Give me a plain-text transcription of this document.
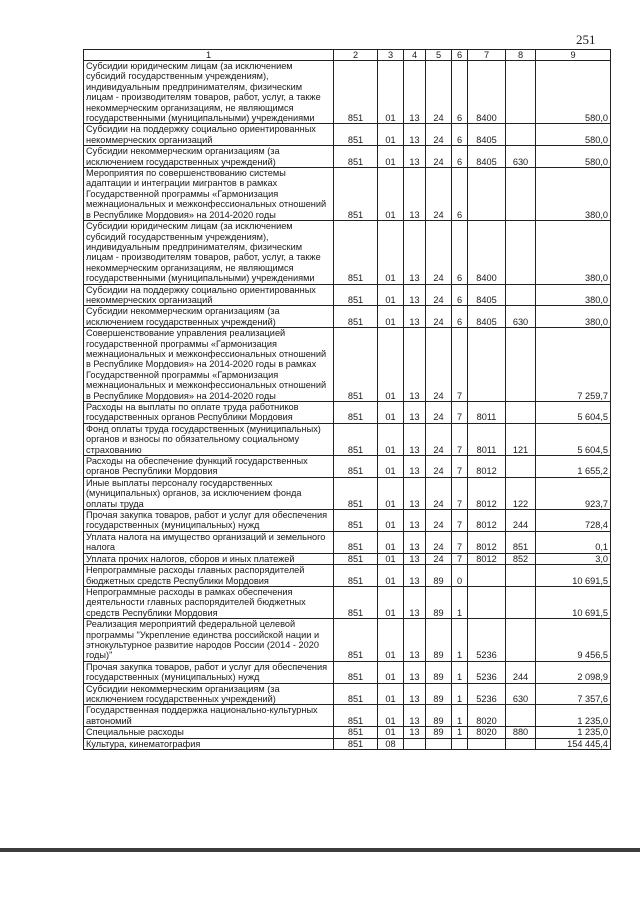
251
1	2	3	4	5	6	7	8	9
Субсидии юридическим лицам (за исключением субсидий государственным учреждениям), индивидуальным предпринимателям, физическим лицам - производителям товаров, работ, услуг, а также некоммерческим организациям, не являющимся государственными (муниципальными) учреждениями	851	01	13	24	6	8400		580,0
Субсидии на поддержку социально ориентированных некоммерческих организаций	851	01	13	24	6	8405		580,0
Субсидии некоммерческим организациям (за исключением государственных учреждений)	851	01	13	24	6	8405	630	580,0
Мероприятия по совершенствованию системы адаптации и интеграции мигрантов в рамках Государственной программы «Гармонизация межнациональных и межконфессиональных отношений в Республике Мордовия» на 2014-2020 годы	851	01	13	24	6			380,0
Субсидии юридическим лицам (за исключением субсидий государственным учреждениям), индивидуальным предпринимателям, физическим лицам - производителям товаров, работ, услуг, а также некоммерческим организациям, не являющимся государственными (муниципальными) учреждениями	851	01	13	24	6	8400		380,0
Субсидии на поддержку социально ориентированных некоммерческих организаций	851	01	13	24	6	8405		380,0
Субсидии некоммерческим организациям (за исключением государственных учреждений)	851	01	13	24	6	8405	630	380,0
Совершенствование управления реализацией государственной программы «Гармонизация межнациональных и межконфессиональных отношений в Республике Мордовия» на 2014-2020 годы в рамках Государственной программы «Гармонизация межнациональных и межконфессиональных отношений в Республике Мордовия» на 2014-2020 годы	851	01	13	24	7			7 259,7
Расходы на выплаты по оплате труда работников государственных органов Республики Мордовия	851	01	13	24	7	8011		5 604,5
Фонд оплаты труда государственных (муниципальных) органов и взносы по обязательному социальному страхованию	851	01	13	24	7	8011	121	5 604,5
Расходы на обеспечение функций государственных органов Республики Мордовия	851	01	13	24	7	8012		1 655,2
Иные выплаты персоналу государственных (муниципальных) органов, за исключением фонда оплаты труда	851	01	13	24	7	8012	122	923,7
Прочая закупка товаров, работ и услуг для обеспечения государственных (муниципальных) нужд	851	01	13	24	7	8012	244	728,4
Уплата налога на имущество организаций и земельного налога	851	01	13	24	7	8012	851	0,1
Уплата прочих налогов, сборов и иных платежей	851	01	13	24	7	8012	852	3,0
Непрограммные расходы главных распорядителей бюджетных средств Республики Мордовия	851	01	13	89	0			10 691,5
Непрограммные расходы в рамках обеспечения деятельности главных распорядителей бюджетных средств Республики Мордовия	851	01	13	89	1			10 691,5
Реализация мероприятий федеральной целевой программы "Укрепление единства российской нации и этнокультурное развитие народов России (2014 - 2020 годы)"	851	01	13	89	1	5236		9 456,5
Прочая закупка товаров, работ и услуг для обеспечения государственных (муниципальных) нужд	851	01	13	89	1	5236	244	2 098,9
Субсидии некоммерческим организациям (за исключением государственных учреждений)	851	01	13	89	1	5236	630	7 357,6
Государственная поддержка национально-культурных автономий	851	01	13	89	1	8020		1 235,0
Специальные расходы	851	01	13	89	1	8020	880	1 235,0
Культура, кинематография	851	08						154 445,4
